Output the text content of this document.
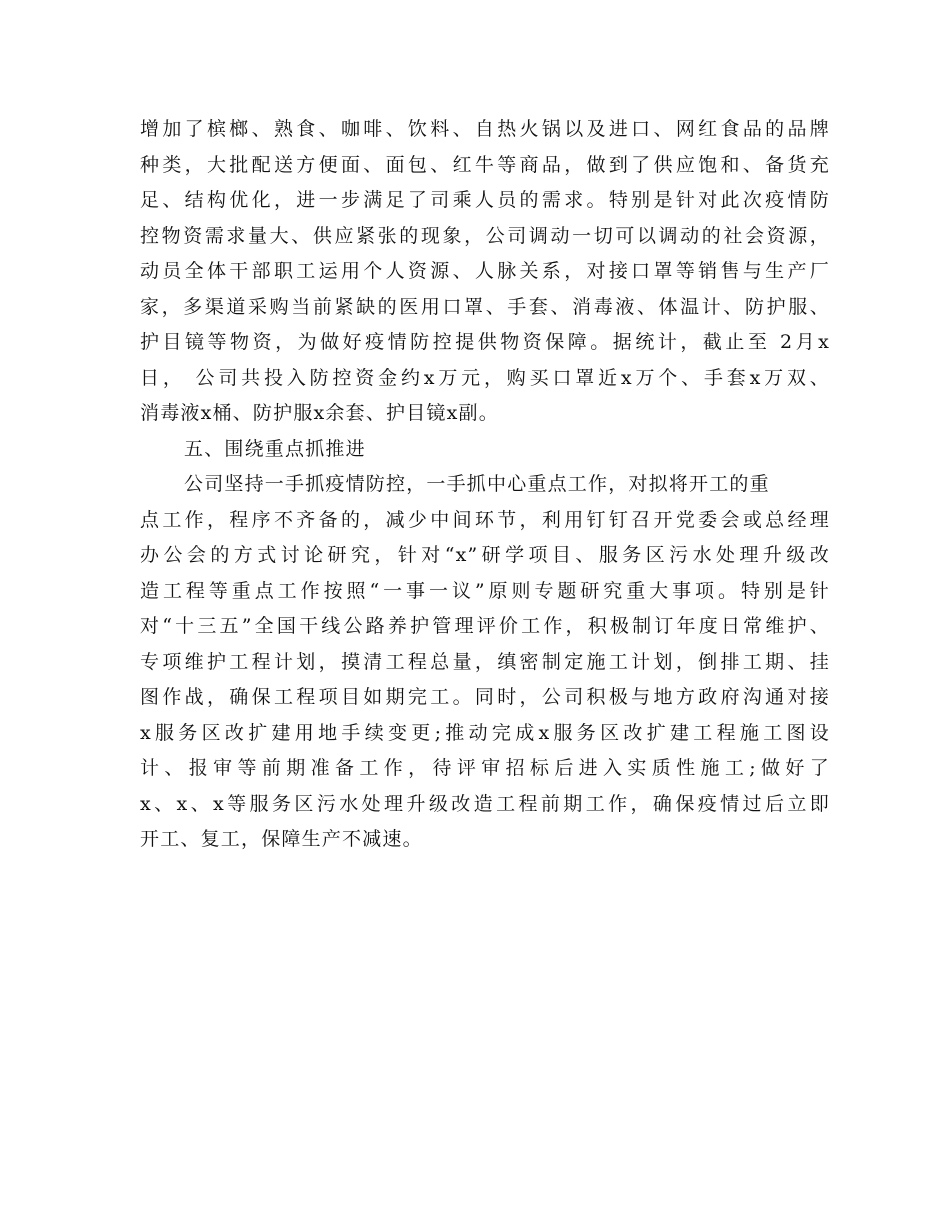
增加了槟榔、熟食、咖啡、饮料、自热火锅以及进口、网红食品的品牌
种类，大批配送方便面、面包、红牛等商品，做到了供应饱和、备货充
足、结构优化，进一步满足了司乘人员的需求。特别是针对此次疫情防
控物资需求量大、供应紧张的现象，公司调动一切可以调动的社会资源，
动员全体干部职工运用个人资源、人脉关系，对接口罩等销售与生产厂
家，多渠道采购当前紧缺的医用口罩、手套、消毒液、体温计、防护服、
护目镜等物资，为做好疫情防控提供物资保障。据统计，截止至 2月x
日， 公司共投入防控资金约x万元，购买口罩近x万个、手套x万双、
消毒液x桶、防护服x余套、护目镜x副。
五、围绕重点抓推进
公司坚持一手抓疫情防控，一手抓中心重点工作，对拟将开工的重
点工作，程序不齐备的，减少中间环节，利用钉钉召开党委会或总经理
办公会的方式讨论研究，针对“x”研学项目、服务区污水处理升级改
造工程等重点工作按照“一事一议”原则专题研究重大事项。特别是针
对“十三五”全国干线公路养护管理评价工作，积极制订年度日常维护、
专项维护工程计划，摸清工程总量，缜密制定施工计划，倒排工期、挂
图作战，确保工程项目如期完工。同时，公司积极与地方政府沟通对接
x服务区改扩建用地手续变更;推动完成x服务区改扩建工程施工图设
计、报审等前期准备工作，待评审招标后进入实质性施工;做好了
x、x、x等服务区污水处理升级改造工程前期工作，确保疫情过后立即
开工、复工，保障生产不减速。
